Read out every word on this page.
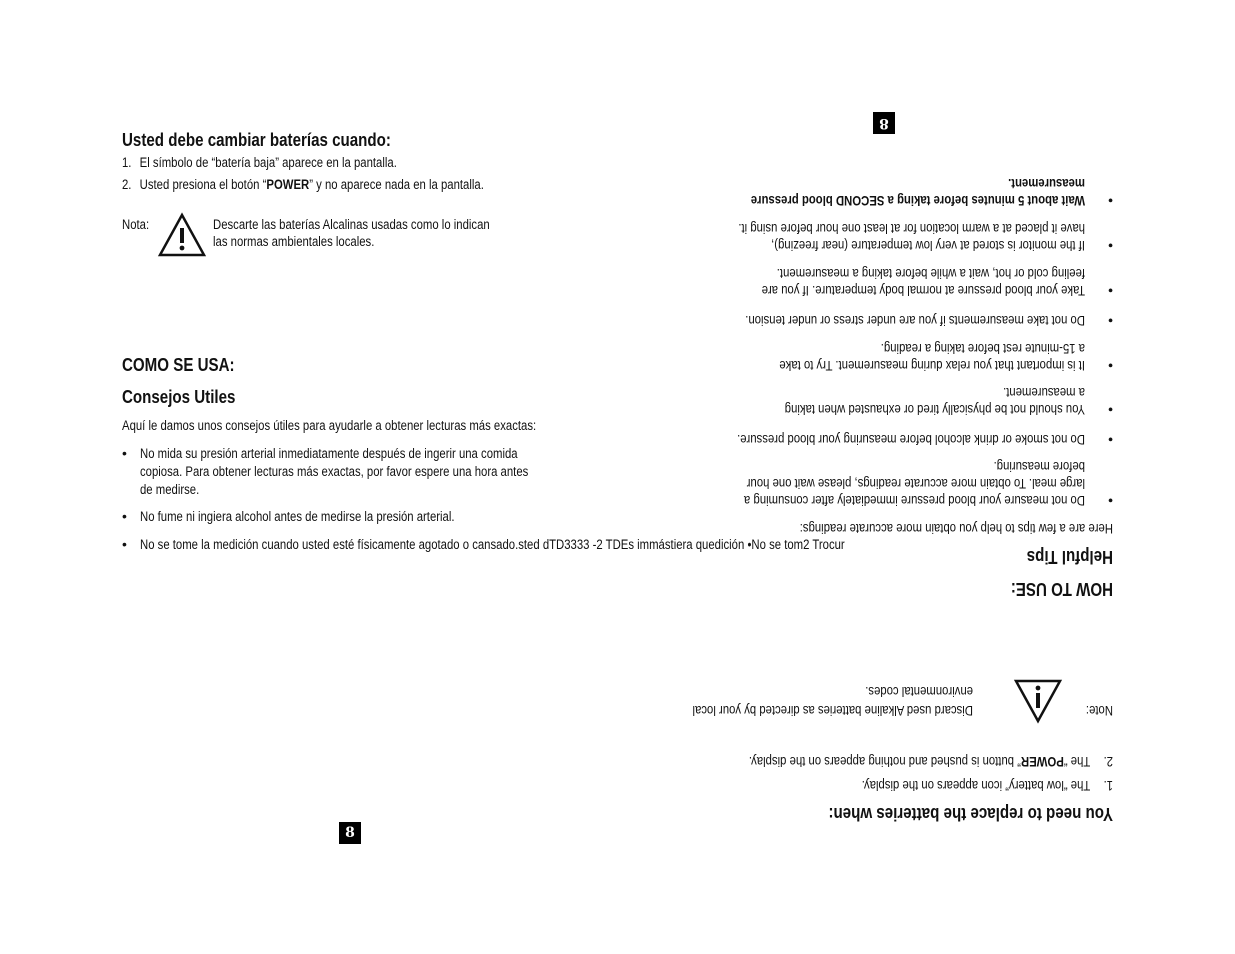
Usted debe cambiar baterías cuando:
1. El símbolo de “batería baja” aparece en la pantalla.
2. Usted presiona el botón “POWER” y no aparece nada en la pantalla.
Nota:	Descarte las baterías Alcalinas usadas como lo indican
las normas ambientales locales.
COMO SE USA:
Consejos Utiles
Aquí le damos unos consejos útiles para ayudarle a obtener lecturas más exactas:
• No mida su presión arterial inmediatamente después de ingerir una comida
copiosa. Para obtener lecturas más exactas, por favor espere una hora antes
de medirse.
• No fume ni ingiera alcohol antes de medirse la presión arterial.
• No se tome la medición cuando usted esté físicamente agotado o cansado.sted dTD3333 -2 TDEs immástiera quedición •No se tom2 Trocur
8
You need to replace the batteries when:
1. The “low battery” icon appears on the display.
2. The “POWER” button is pushed and nothing appears on the display.
Note:
Discard used Alkaline batteries as directed by your local
environmental codes.
HOW TO USE:
Helpful Tips
Here are a few tips to help you obtain more accurate readings:
•
Do not measure your blood pressure immediately after consuming a
large meal. To obtain more accurate readings, please wait one hour
before measuring.
•
Do not smoke or drink alcohol before measuring your blood pressure.
•
You should not be physically tired or exhausted when taking
a measurement.
•
It is important that you relax during measurement. Try to take
a 15-minute rest before taking a reading.
•
Do not take measurements if you are under stress or under tension.
•
Take your blood pressure at normal body temperature. If you are
feeling cold or hot, wait a while before taking a measurement.
•
If the monitor is stored at very low temperature (near freezing),
have it placed at a warm location for at least one hour before using it.
•
Wait about 5 minutes before taking a SECOND blood pressure
measurement.
8
